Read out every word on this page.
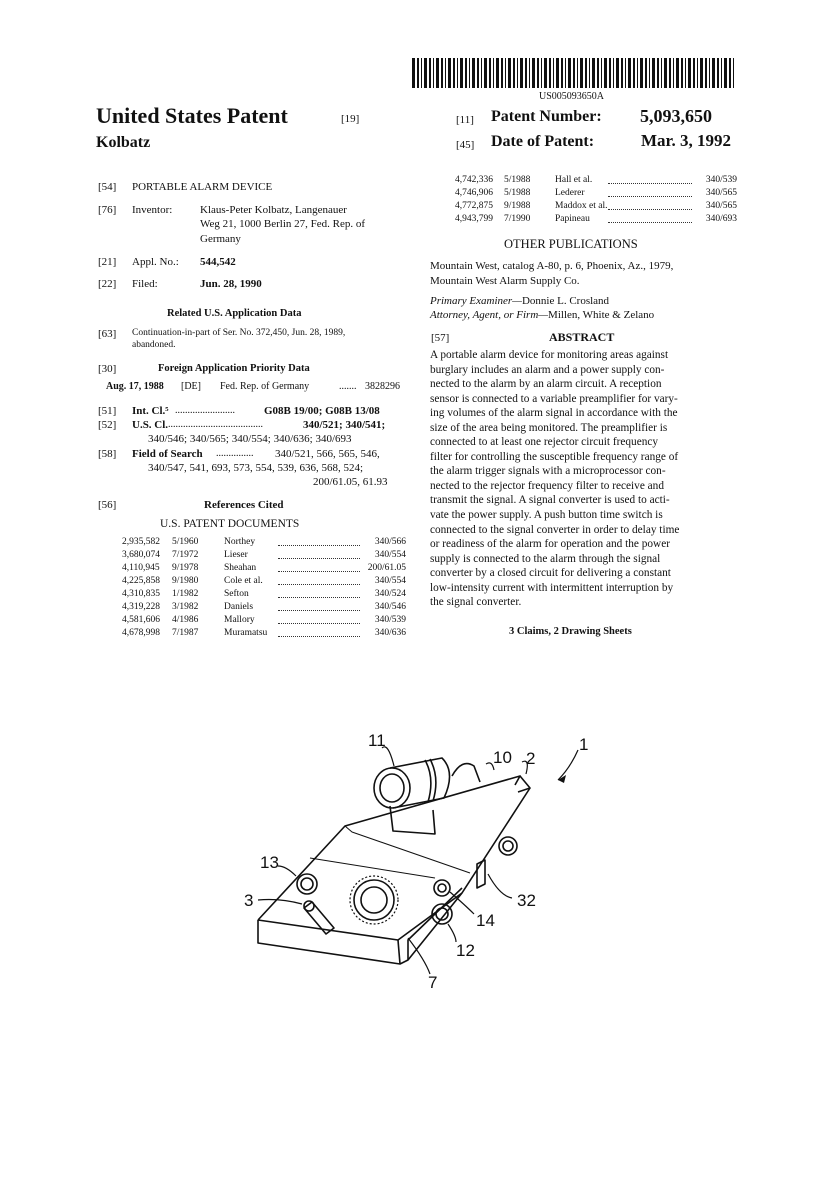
US005093650A
United States Patent	[19]
Kolbatz
[11] Patent Number: 5,093,650
[45] Date of Patent:	Mar. 3, 1992
[54] PORTABLE ALARM DEVICE
[76] Inventor:	Klaus-Peter Kolbatz, Langenauer
Weg 21, 1000 Berlin 27, Fed. Rep. of
Germany
[21] Appl. No.: 544,542
[22] Filed:	Jun. 28, 1990
Related U.S. Application Data
[63] Continuation-in-part of Ser. No. 372,450, Jun. 28, 1989,
abandoned.
[30]	Foreign Application Priority Data
Aug. 17, 1988 [DE] Fed. Rep. of Germany	....... 3828296
[51] Int. Cl.⁵ ........................	G08B 19/00; G08B 13/08
[52] U.S. Cl. ......................................	340/521; 340/541;
340/546; 340/565; 340/554; 340/636; 340/693
[58] Field of Search ............... 340/521, 566, 565, 546,
340/547, 541, 693, 573, 554, 539, 636, 568, 524;
200/61.05, 61.93
[56]	References Cited
U.S. PATENT DOCUMENTS
2,935,582 5/1960	Northey	340/566
3,680,074 7/1972	Lieser	340/554
4,110,945 9/1978	Sheahan	200/61.05
4,225,858 9/1980	Cole et al.	340/554
4,310,835 1/1982	Sefton	340/524
4,319,228 3/1982	Daniels	340/546
4,581,606 4/1986	Mallory	340/539
4,678,998 7/1987	Muramatsu	340/636
4,742,336 5/1988	Hall et al.	340/539
4,746,906 5/1988	Lederer	340/565
4,772,875 9/1988	Maddox et al.	340/565
4,943,799 7/1990	Papineau	340/693
OTHER PUBLICATIONS
Mountain West, catalog A-80, p. 6, Phoenix, Az., 1979,
Mountain West Alarm Supply Co.
Primary Examiner—Donnie L. Crosland
Attorney, Agent, or Firm—Millen, White & Zelano
[57]	ABSTRACT
A portable alarm device for monitoring areas against
burglary includes an alarm and a power supply con-
nected to the alarm by an alarm circuit. A reception
sensor is connected to a variable preamplifier for vary-
ing volumes of the alarm signal in accordance with the
size of the area being monitored. The preamplifier is
connected to at least one rejector circuit frequency
filter for controlling the susceptible frequency range of
the alarm trigger signals with a microprocessor con-
nected to the rejector frequency filter to receive and
transmit the signal. A signal converter is used to acti-
vate the power supply. A push button time switch is
connected to the signal converter in order to delay time
or readiness of the alarm for operation and the power
supply is connected to the alarm through the signal
converter by a closed circuit for delivering a constant
low-intensity current with intermittent interruption by
the signal converter.
3 Claims, 2 Drawing Sheets
11
10 2
1
13
3	32
14
12
7
